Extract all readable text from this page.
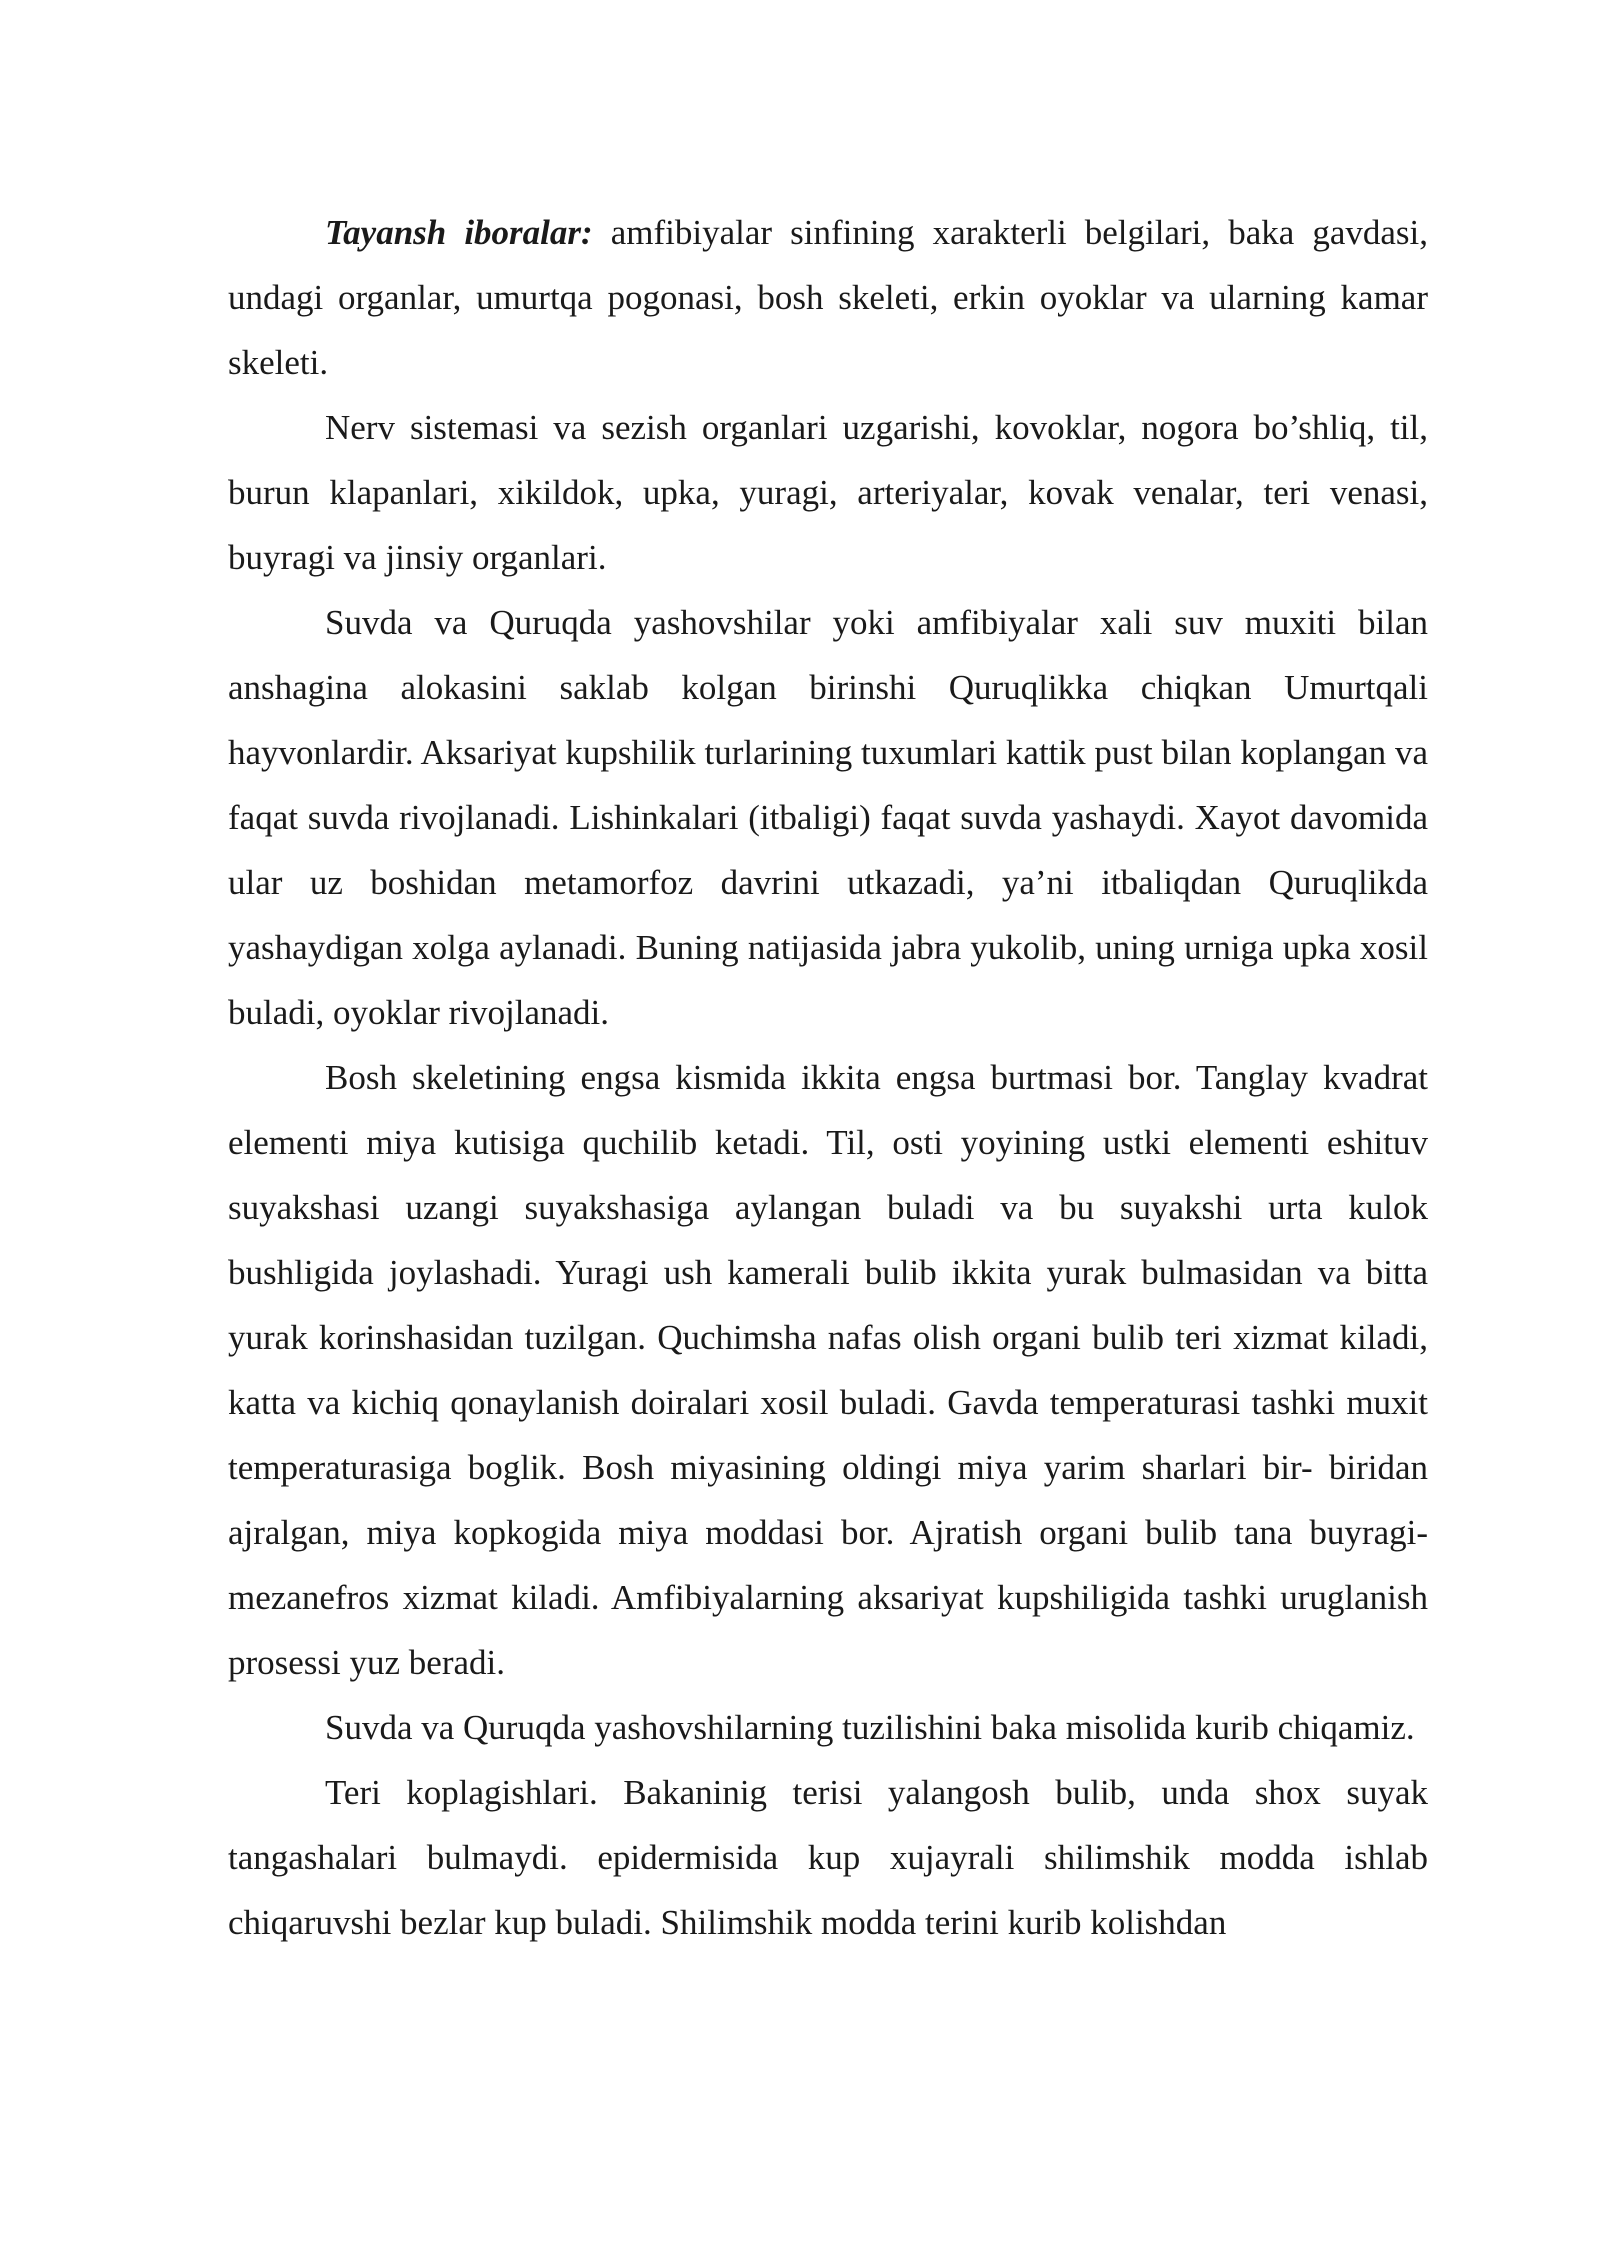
Tayansh iboralar: amfibiyalar sinfining xarakterli belgilari, baka gavdasi, undagi organlar, umurtqa pogonasi, bosh skeleti, erkin oyoklar va ularning kamar skeleti.

Nerv sistemasi va sezish organlari uzgarishi, kovoklar, nogora bo’shliq, til, burun klapanlari, xikildok, upka, yuragi, arteriyalar, kovak venalar, teri venasi, buyragi va jinsiy organlari.

Suvda va Quruqda yashovshilar yoki amfibiyalar xali suv muxiti bilan anshagina alokasini saklab kolgan birinshi Quruqlikka chiqkan Umurtqali hayvonlardir. Aksariyat kupshilik turlarining tuxumlari kattik pust bilan koplangan va faqat suvda rivojlanadi. Lishinkalari (itbaligi) faqat suvda yashaydi. Xayot davomida ular uz boshidan metamorfoz davrini utkazadi, ya’ni itbaliqdan Quruqlikda yashaydigan xolga aylanadi. Buning natijasida jabra yukolib, uning urniga upka xosil buladi, oyoklar rivojlanadi.

Bosh skeletining engsa kismida ikkita engsa burtmasi bor. Tanglay kvadrat elementi miya kutisiga quchilib ketadi. Til, osti yoyining ustki elementi eshituv suyakshasi uzangi suyakshasiga aylangan buladi va bu suyakshi urta kulok bushligida joylashadi. Yuragi ush kamerali bulib ikkita yurak bulmasidan va bitta yurak korinshasidan tuzilgan. Quchimsha nafas olish organi bulib teri xizmat kiladi, katta va kichiq qonaylanish doiralari xosil buladi. Gavda temperaturasi tashki muxit temperaturasiga boglik. Bosh miyasining oldingi miya yarim sharlari bir- biridan ajralgan, miya kopkogida miya moddasi bor. Ajratish organi bulib tana buyragi- mezanefros xizmat kiladi. Amfibiyalarning aksariyat kupshiligida tashki uruglanish prosessi yuz beradi.

Suvda va Quruqda yashovshilarning tuzilishini baka misolida kurib chiqamiz.

Teri koplagishlari. Bakaninig terisi yalangosh bulib, unda shox suyak tangashalari bulmaydi. epidermisida kup xujayrali shilimshik modda ishlab chiqaruvshi bezlar kup buladi. Shilimshik modda terini kurib kolishdan
